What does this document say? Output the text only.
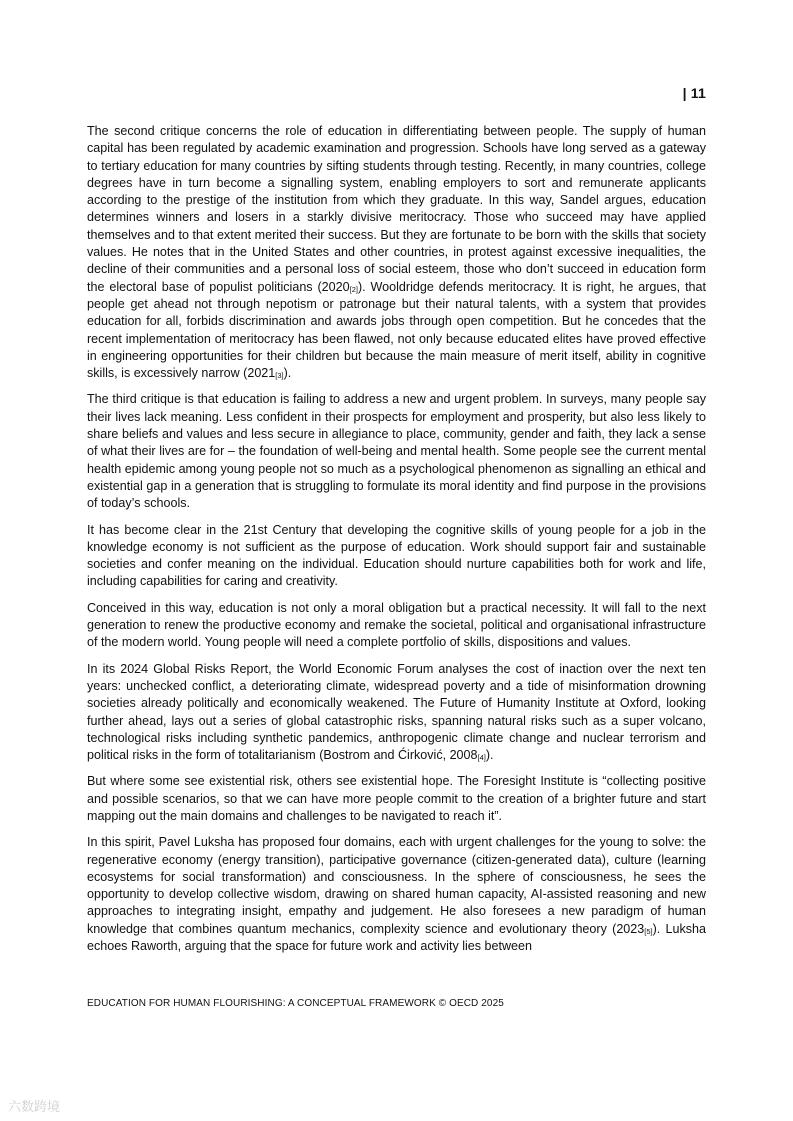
| 11

The second critique concerns the role of education in differentiating between people. The supply of human capital has been regulated by academic examination and progression. Schools have long served as a gateway to tertiary education for many countries by sifting students through testing. Recently, in many countries, college degrees have in turn become a signalling system, enabling employers to sort and remunerate applicants according to the prestige of the institution from which they graduate. In this way, Sandel argues, education determines winners and losers in a starkly divisive meritocracy. Those who succeed may have applied themselves and to that extent merited their success. But they are fortunate to be born with the skills that society values. He notes that in the United States and other countries, in protest against excessive inequalities, the decline of their communities and a personal loss of social esteem, those who don’t succeed in education form the electoral base of populist politicians (2020[2]). Wooldridge defends meritocracy. It is right, he argues, that people get ahead not through nepotism or patronage but their natural talents, with a system that provides education for all, forbids discrimination and awards jobs through open competition. But he concedes that the recent implementation of meritocracy has been flawed, not only because educated elites have proved effective in engineering opportunities for their children but because the main measure of merit itself, ability in cognitive skills, is excessively narrow (2021[3]).

The third critique is that education is failing to address a new and urgent problem. In surveys, many people say their lives lack meaning. Less confident in their prospects for employment and prosperity, but also less likely to share beliefs and values and less secure in allegiance to place, community, gender and faith, they lack a sense of what their lives are for – the foundation of well-being and mental health. Some people see the current mental health epidemic among young people not so much as a psychological phenomenon as signalling an ethical and existential gap in a generation that is struggling to formulate its moral identity and find purpose in the provisions of today’s schools.

It has become clear in the 21st Century that developing the cognitive skills of young people for a job in the knowledge economy is not sufficient as the purpose of education. Work should support fair and sustainable societies and confer meaning on the individual. Education should nurture capabilities both for work and life, including capabilities for caring and creativity.

Conceived in this way, education is not only a moral obligation but a practical necessity. It will fall to the next generation to renew the productive economy and remake the societal, political and organisational infrastructure of the modern world. Young people will need a complete portfolio of skills, dispositions and values.

In its 2024 Global Risks Report, the World Economic Forum analyses the cost of inaction over the next ten years: unchecked conflict, a deteriorating climate, widespread poverty and a tide of misinformation drowning societies already politically and economically weakened. The Future of Humanity Institute at Oxford, looking further ahead, lays out a series of global catastrophic risks, spanning natural risks such as a super volcano, technological risks including synthetic pandemics, anthropogenic climate change and nuclear terrorism and political risks in the form of totalitarianism (Bostrom and Ćirković, 2008[4]).

But where some see existential risk, others see existential hope. The Foresight Institute is “collecting positive and possible scenarios, so that we can have more people commit to the creation of a brighter future and start mapping out the main domains and challenges to be navigated to reach it”.

In this spirit, Pavel Luksha has proposed four domains, each with urgent challenges for the young to solve: the regenerative economy (energy transition), participative governance (citizen-generated data), culture (learning ecosystems for social transformation) and consciousness. In the sphere of consciousness, he sees the opportunity to develop collective wisdom, drawing on shared human capacity, AI-assisted reasoning and new approaches to integrating insight, empathy and judgement. He also foresees a new paradigm of human knowledge that combines quantum mechanics, complexity science and evolutionary theory (2023[5]). Luksha echoes Raworth, arguing that the space for future work and activity lies between

EDUCATION FOR HUMAN FLOURISHING: A CONCEPTUAL FRAMEWORK © OECD 2025
六数跨境
